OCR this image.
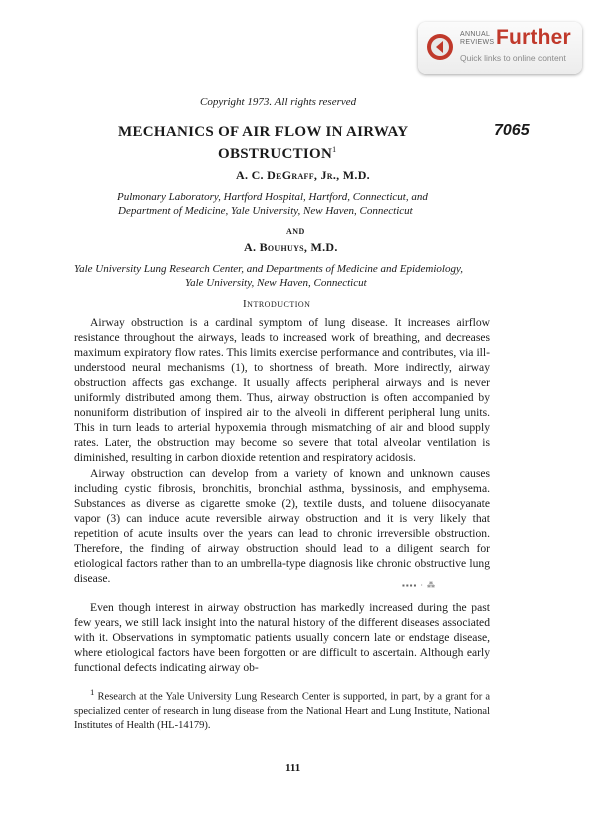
ANNUAL
REVIEWS Further
Quick links to online content
Copyright 1973. All rights reserved
7065
MECHANICS OF AIR FLOW IN AIRWAY
OBSTRUCTION$^1$
A. C. DeGraff, Jr., M.D.
Pulmonary Laboratory, Hartford Hospital, Hartford, Connecticut, and
Department of Medicine, Yale University, New Haven, Connecticut
AND
A. Bouhuys, M.D.
Yale University Lung Research Center, and Departments of Medicine and Epidemiology,
Yale University, New Haven, Connecticut
Introduction

Airway obstruction is a cardinal symptom of lung disease. It increases airflow resistance throughout the airways, leads to increased work of breathing, and decreases maximum expiratory flow rates. This limits exercise performance and contributes, via ill-understood neural mechanisms (1), to shortness of breath. More indirectly, airway obstruction affects gas exchange. It usually affects peripheral airways and is never uniformly distributed among them. Thus, airway obstruction is often accompanied by nonuniform distribution of inspired air to the alveoli in different peripheral lung units. This in turn leads to arterial hypoxemia through mismatching of air and blood supply rates. Later, the obstruction may become so severe that total alveolar ventilation is diminished, resulting in carbon dioxide retention and respiratory acidosis.

Airway obstruction can develop from a variety of known and unknown causes including cystic fibrosis, bronchitis, bronchial asthma, byssinosis, and emphysema. Substances as diverse as cigarette smoke (2), textile dusts, and toluene diisocyanate vapor (3) can induce acute reversible airway obstruction and it is very likely that repetition of acute insults over the years can lead to chronic irreversible obstruction. Therefore, the finding of airway obstruction should lead to a diligent search for etiological factors rather than to an umbrella-type diagnosis like chronic obstructive lung disease.

Even though interest in airway obstruction has markedly increased during the past few years, we still lack insight into the natural history of the different diseases associated with it. Observations in symptomatic patients usually concern late or endstage disease, where etiological factors have been forgotten or are difficult to ascertain. Although early functional defects indicating airway ob-

▪▪▪▪ · ⁂

$^1$ Research at the Yale University Lung Research Center is supported, in part, by a grant for a specialized center of research in lung disease from the National Heart and Lung Institute, National Institutes of Health (HL-14179).

111
